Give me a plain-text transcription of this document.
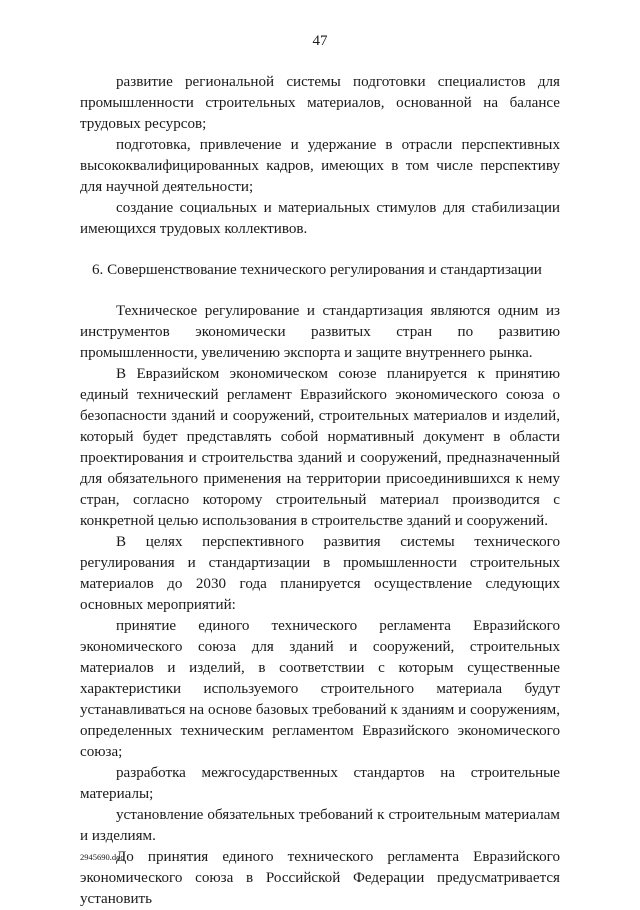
47

развитие региональной системы подготовки специалистов для промышленности строительных материалов, основанной на балансе трудовых ресурсов;

подготовка, привлечение и удержание в отрасли перспективных высококвалифицированных кадров, имеющих в том числе перспективу для научной деятельности;

создание социальных и материальных стимулов для стабилизации имеющихся трудовых коллективов.

6. Совершенствование технического регулирования и стандартизации

Техническое регулирование и стандартизация являются одним из инструментов экономически развитых стран по развитию промышленности, увеличению экспорта и защите внутреннего рынка.

В Евразийском экономическом союзе планируется к принятию единый технический регламент Евразийского экономического союза о безопасности зданий и сооружений, строительных материалов и изделий, который будет представлять собой нормативный документ в области проектирования и строительства зданий и сооружений, предназначенный для обязательного применения на территории присоединившихся к нему стран, согласно которому строительный материал производится с конкретной целью использования в строительстве зданий и сооружений.

В целях перспективного развития системы технического регулирования и стандартизации в промышленности строительных материалов до 2030 года планируется осуществление следующих основных мероприятий:

принятие единого технического регламента Евразийского экономического союза для зданий и сооружений, строительных материалов и изделий, в соответствии с которым существенные характеристики используемого строительного материала будут устанавливаться на основе базовых требований к зданиям и сооружениям, определенных техническим регламентом Евразийского экономического союза;

разработка межгосударственных стандартов на строительные материалы;

установление обязательных требований к строительным материалам и изделиям.

До принятия единого технического регламента Евразийского экономического союза в Российской Федерации предусматривается установить

2945690.doc
